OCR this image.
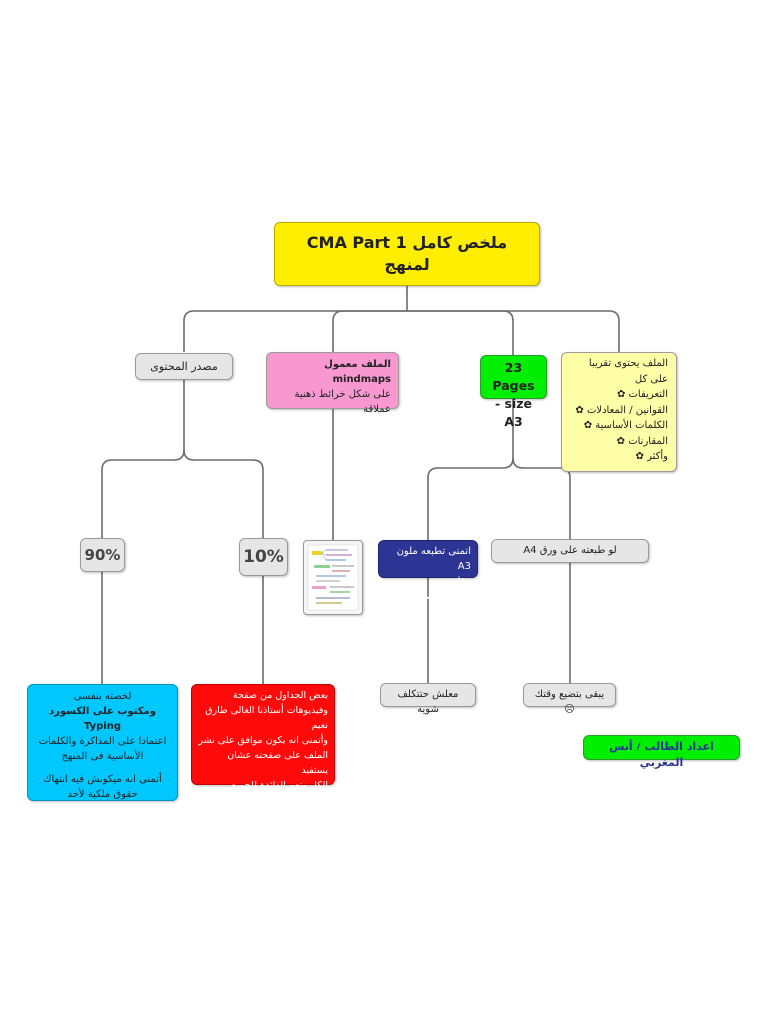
ملخص كامل CMA Part 1
لمنهج
مصدر المحتوى	الملف معمول mindmaps
على شكل خرائط ذهنية
عملاقة
23 Pages
- size A3
الملف يحتوى تقريبا على كل
التعريفات ✿
القوانين / المعادلات ✿
الكلمات الأساسية ✿
المقارنات ✿
وأكثر ✿
90%	10%	اتمنى تطبعه ملون A3
مقاس ومتسترخصش
لو طبعته على ورق A4
لخصته بنفسى
ومكتوب على الكسورد Typing
اعتمادا على المذاكرة والكلمات
الأساسية فى المنهج
أتمنى انه ميكونش فيه انتهاك
حقوق ملكية لأحد
بعض الجداول من صفحة
وفيديوهات أستاذنا الغالى طارق
نعيم
وأتمنى انه يكون موافق على نشر
الملف على صفحته عشان يستفيد
الكل وتعم الفائدة للجميع
معلش حتتكلف شويه
يبقى بتضيع وقتك ☹
اعداد الطالب / أنس المغربي
